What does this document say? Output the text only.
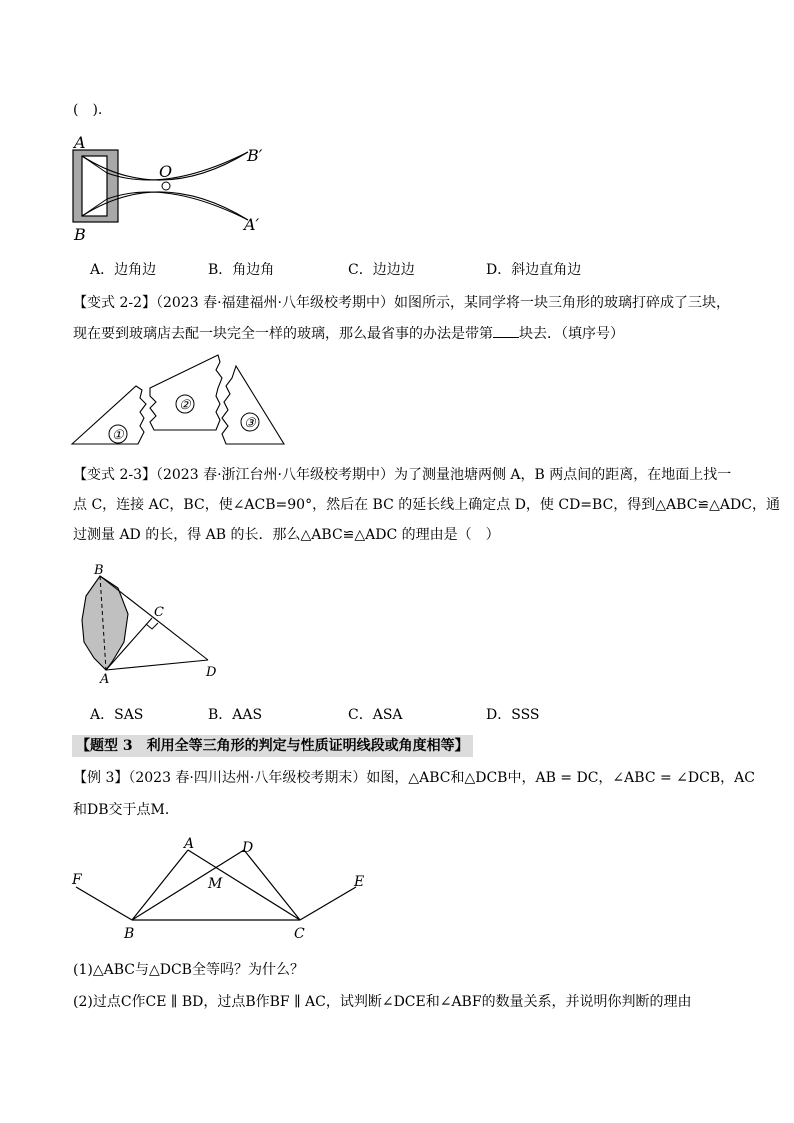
(　).
A
B
O
B′
A′
A．边角边	B．角边角	C．边边边	D．斜边直角边
【变式 2-2】（2023 春·福建福州·八年级校考期中）如图所示，某同学将一块三角形的玻璃打碎成了三块，
现在要到玻璃店去配一块完全一样的玻璃，那么最省事的办法是带第 块去．（填序号）
①
②
③
【变式 2-3】（2023 春·浙江台州·八年级校考期中）为了测量池塘两侧 A，B 两点间的距离，在地面上找一
点 C，连接 AC，BC，使∠ACB=90°，然后在 BC 的延长线上确定点 D，使 CD=BC，得到△ABC≌△ADC，通
过测量 AD 的长，得 AB 的长．那么△ABC≌△ADC 的理由是（　）
B
C
A	D
A．SAS	B．AAS	C．ASA	D．SSS
【题型 3　利用全等三角形的判定与性质证明线段或角度相等】
【例 3】（2023 春·四川达州·八年级校考期末）如图，△ABC和△DCB中，AB = DC，∠ABC = ∠DCB，AC
和DB交于点M．
A	D
F	E
M
B	C
(1)△ABC与△DCB全等吗？为什么？
(2)过点C作CE ∥ BD，过点B作BF ∥ AC，试判断∠DCE和∠ABF的数量关系，并说明你判断的理由
